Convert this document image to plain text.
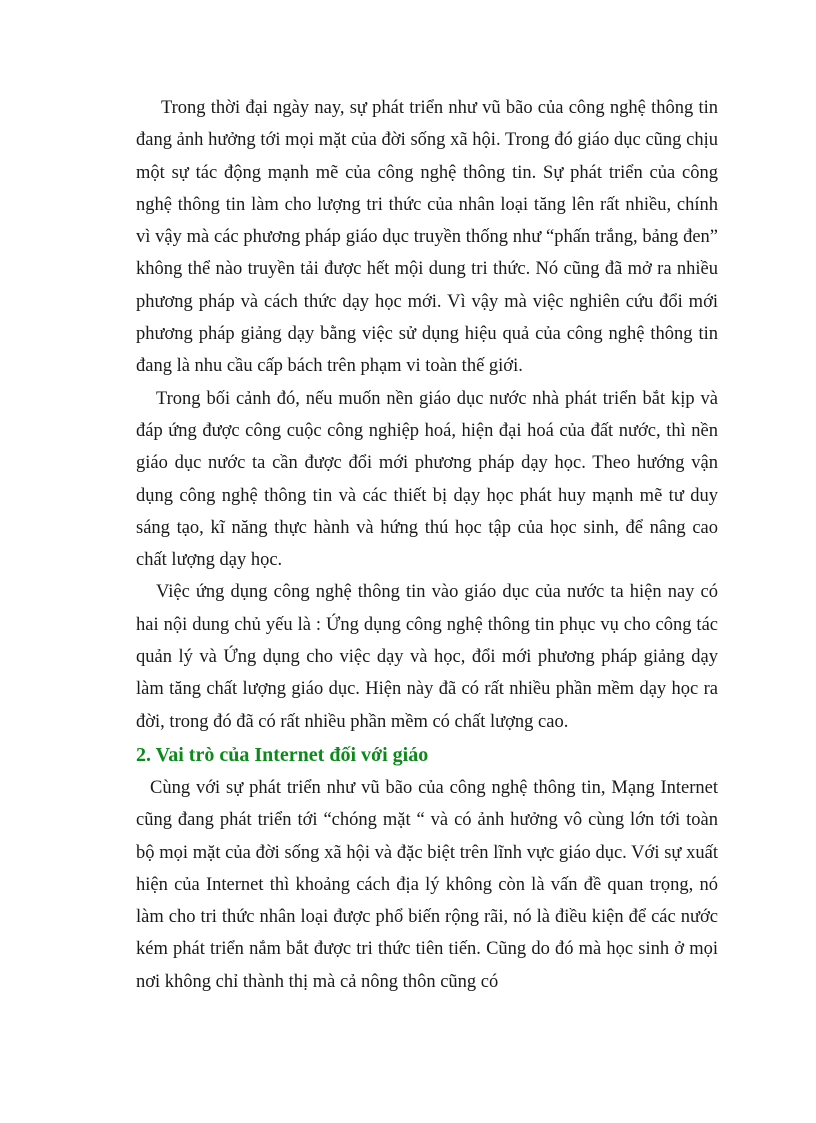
Trong thời đại ngày nay, sự phát triển như vũ bão của công nghệ thông tin đang ảnh hưởng tới mọi mặt của đời sống xã hội. Trong đó giáo dục cũng chịu một sự tác động mạnh mẽ của công nghệ thông tin. Sự phát triển của công nghệ thông tin làm cho lượng tri thức của nhân loại tăng lên rất nhiều, chính vì vậy mà các phương pháp giáo dục truyền thống như “phấn trắng, bảng đen” không thể nào truyền tải được hết mội dung tri thức. Nó cũng đã mở ra nhiều phương pháp và cách thức dạy học mới. Vì vậy mà việc nghiên cứu đổi mới phương pháp giảng dạy bằng việc sử dụng hiệu quả của công nghệ thông tin đang là nhu cầu cấp bách trên phạm vi toàn thế giới.

Trong bối cảnh đó, nếu muốn nền giáo dục nước nhà phát triển bắt kịp và đáp ứng được công cuộc công nghiệp hoá, hiện đại hoá của đất nước, thì nền giáo dục nước ta cần được đổi mới phương pháp dạy học. Theo hướng vận dụng công nghệ thông tin và các thiết bị dạy học phát huy mạnh mẽ tư duy sáng tạo, kĩ năng thực hành và hứng thú học tập của học sinh, để nâng cao chất lượng dạy học.

Việc ứng dụng công nghệ thông tin vào giáo dục của nước ta hiện nay có hai nội dung chủ yếu là : Ứng dụng công nghệ thông tin phục vụ cho công tác quản lý và Ứng dụng cho việc dạy và học, đổi mới phương pháp giảng dạy làm tăng chất lượng giáo dục. Hiện này đã có rất nhiều phần mềm dạy học ra đời, trong đó đã có rất nhiều phần mềm có chất lượng cao.

2. Vai trò của Internet đối với giáo

Cùng với sự phát triển như vũ bão của công nghệ thông tin, Mạng Internet cũng đang phát triển tới “chóng mặt “ và có ảnh hưởng vô cùng lớn tới toàn bộ mọi mặt của đời sống xã hội và đặc biệt trên lĩnh vực giáo dục. Với sự xuất hiện của Internet thì khoảng cách địa lý không còn là vấn đề quan trọng, nó làm cho tri thức nhân loại được phổ biến rộng rãi, nó là điều kiện để các nước kém phát triển nắm bắt được tri thức tiên tiến. Cũng do đó mà học sinh ở mọi nơi không chỉ thành thị mà cả nông thôn cũng có
